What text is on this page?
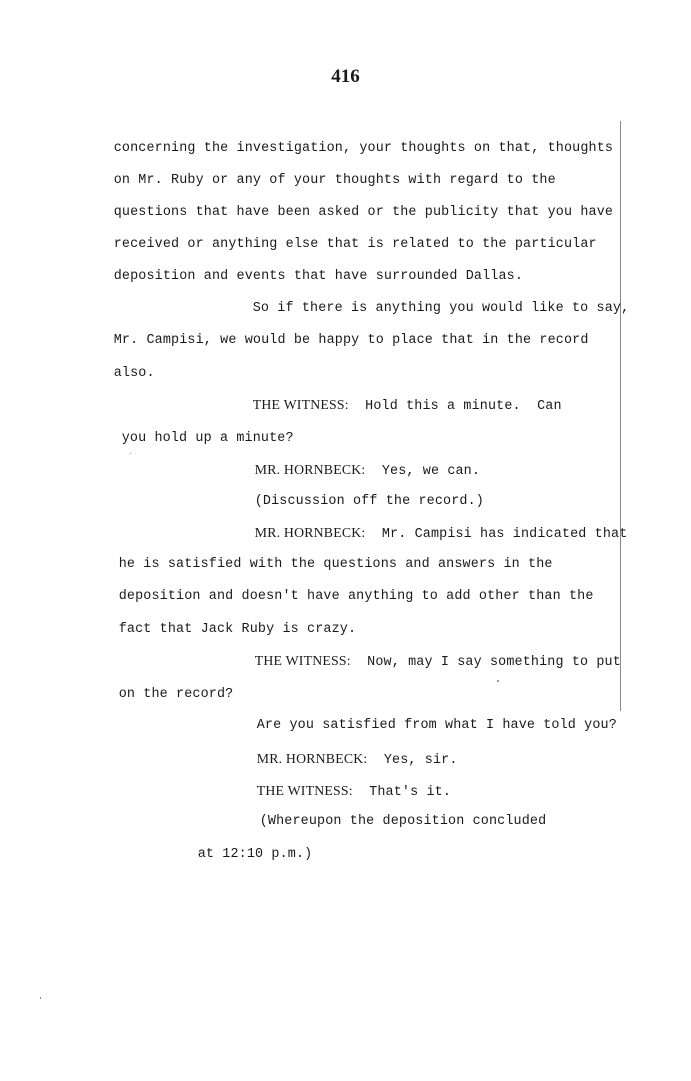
416

concerning the investigation, your thoughts on that, thoughts

on Mr. Ruby or any of your thoughts with regard to the

questions that have been asked or the publicity that you have

received or anything else that is related to the particular

deposition and events that have surrounded Dallas.

So if there is anything you would like to say,

Mr. Campisi, we would be happy to place that in the record

also.

THE WITNESS: Hold this a minute.  Can

you hold up a minute?

MR. HORNBECK: Yes, we can.

(Discussion off the record.)

MR. HORNBECK: Mr. Campisi has indicated that

he is satisfied with the questions and answers in the

deposition and doesn't have anything to add other than the

fact that Jack Ruby is crazy.

THE WITNESS: Now, may I say something to put

on the record?

Are you satisfied from what I have told you?

MR. HORNBECK: Yes, sir.

THE WITNESS: That's it.

(Whereupon the deposition concluded

at 12:10 p.m.)
